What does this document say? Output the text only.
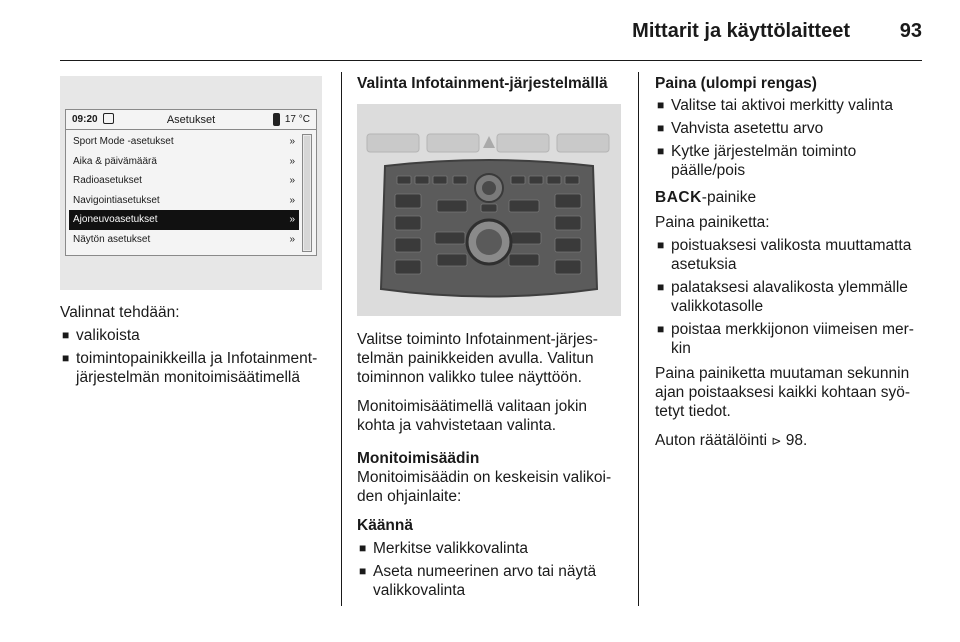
Mittarit ja käyttölaitteet 93
09:20	Asetukset	17 °C
Sport Mode -asetukset	»
Aika & päivämäärä	»
Radioasetukset	»
Navigointiasetukset	»
Ajoneuvoasetukset	»
Näytön asetukset	»

Valinnat tehdään:

■ valikoista
■ toimintopainikkeilla ja Infotainment-järjestelmän monitoimisäätimellä

Valinta Infotainment-järjestelmällä

Valitse toiminto Infotainment-järjes-telmän painikkeiden avulla. Valitun toiminnon valikko tulee näyttöön.

Monitoimisäätimellä valitaan jokin kohta ja vahvistetaan valinta.

Monitoimisäädin

Monitoimisäädin on keskeisin valikoi-den ohjainlaite:

Käännä

■ Merkitse valikkovalinta
■ Aseta numeerinen arvo tai näytä valikkovalinta

Paina (ulompi rengas)

■ Valitse tai aktivoi merkitty valinta
■ Vahvista asetettu arvo
■ Kytke järjestelmän toiminto päälle/pois

BACK-painike

Paina painiketta:

■ poistuaksesi valikosta muuttamatta asetuksia
■ palataksesi alavalikosta ylemmälle valikkotasolle
■ poistaa merkkijonon viimeisen mer-kin

Paina painiketta muutaman sekunnin ajan poistaaksesi kaikki kohtaan syö-tetyt tiedot.

Auton räätälöinti ⊳ 98.
